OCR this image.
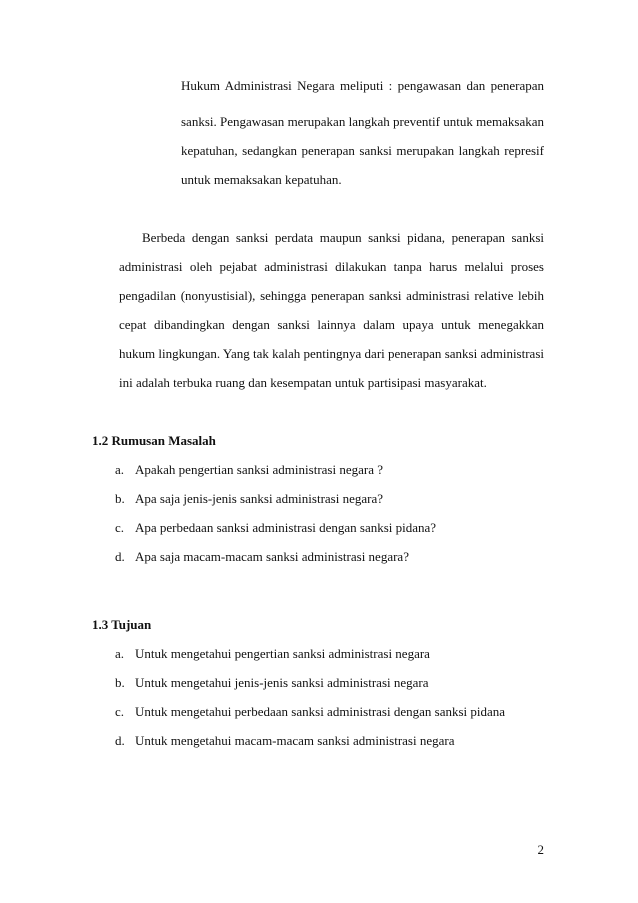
Hukum Administrasi Negara meliputi : pengawasan dan penerapan
sanksi. Pengawasan merupakan langkah preventif untuk memaksakan
kepatuhan, sedangkan penerapan sanksi merupakan langkah represif
untuk memaksakan kepatuhan.
Berbeda dengan sanksi perdata maupun sanksi pidana, penerapan sanksi
administrasi oleh pejabat administrasi dilakukan tanpa harus melalui proses
pengadilan (nonyustisial), sehingga penerapan sanksi administrasi relative lebih
cepat dibandingkan dengan sanksi lainnya dalam upaya untuk menegakkan
hukum lingkungan. Yang tak kalah pentingnya dari penerapan sanksi administrasi
ini adalah terbuka ruang dan kesempatan untuk partisipasi masyarakat.
1.2 Rumusan Masalah
a. Apakah pengertian sanksi administrasi negara ?
b. Apa saja jenis-jenis sanksi administrasi negara?
c. Apa perbedaan sanksi administrasi dengan sanksi pidana?
d. Apa saja macam-macam sanksi administrasi negara?
1.3 Tujuan
a. Untuk mengetahui pengertian sanksi administrasi negara
b. Untuk mengetahui jenis-jenis sanksi administrasi negara
c. Untuk mengetahui perbedaan sanksi administrasi dengan sanksi pidana
d. Untuk mengetahui macam-macam sanksi administrasi negara
2
